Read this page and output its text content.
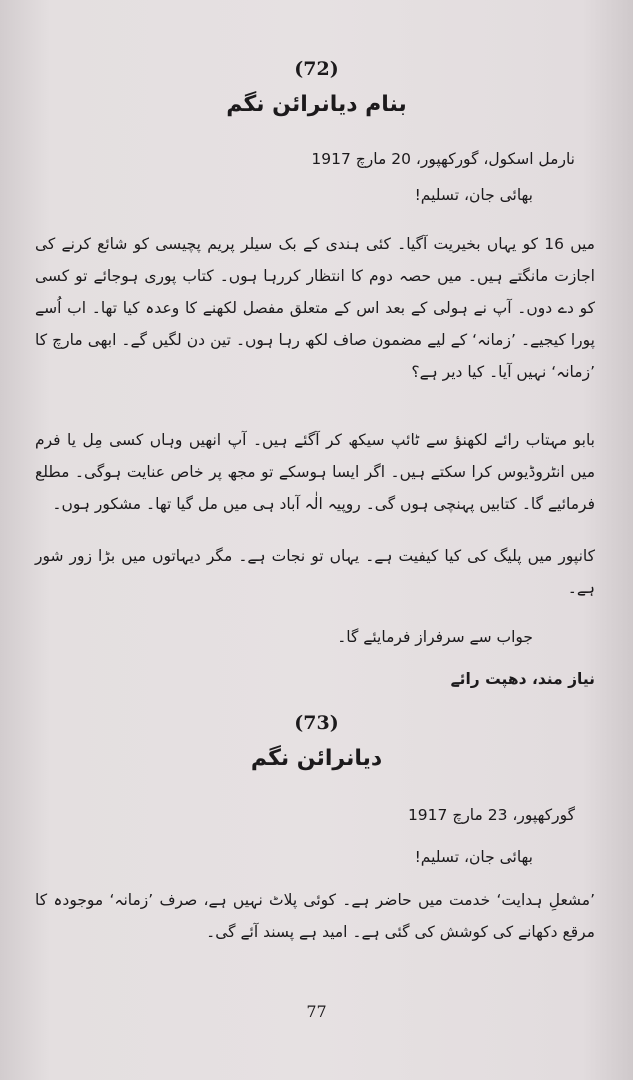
(72)
بنام دیانرائن نگم
نارمل اسکول، گورکھپور، 20 مارچ 1917
بھائی جان، تسلیم!
میں 16 کو یہاں بخیریت آگیا۔ کئی ہندی کے بک سیلر پریم پچیسی کو شائع کرنے کی اجازت مانگتے ہیں۔ میں حصہ دوم کا انتظار کررہا ہوں۔ کتاب پوری ہوجائے تو کسی کو دے دوں۔ آپ نے ہولی کے بعد اس کے متعلق مفصل لکھنے کا وعدہ کیا تھا۔ اب اُسے پورا کیجیے۔ ’زمانہ‘ کے لیے مضمون صاف لکھ رہا ہوں۔ تین دن لگیں گے۔ ابھی مارچ کا ’زمانہ‘ نہیں آیا۔ کیا دیر ہے؟
بابو مہتاب رائے لکھنؤ سے ٹائپ سیکھ کر آگئے ہیں۔ آپ انھیں وہاں کسی مِل یا فرم میں انٹروڈیوس کرا سکتے ہیں۔ اگر ایسا ہوسکے تو مجھ پر خاص عنایت ہوگی۔ مطلع فرمائیے گا۔ کتابیں پہنچی ہوں گی۔ روپیہ الٰہ آباد ہی میں مل گیا تھا۔ مشکور ہوں۔
کانپور میں پلیگ کی کیا کیفیت ہے۔ یہاں تو نجات ہے۔ مگر دیہاتوں میں بڑا زور شور ہے۔
جواب سے سرفراز فرمایئے گا۔
نیاز مند، دھپت رائے
(73)
دیانرائن نگم
گورکھپور، 23 مارچ 1917
بھائی جان، تسلیم!
’مشعلِ ہدایت‘ خدمت میں حاضر ہے۔ کوئی پلاٹ نہیں ہے، صرف ’زمانہ‘ موجودہ کا مرقع دکھانے کی کوشش کی گئی ہے۔ امید ہے پسند آئے گی۔
77
